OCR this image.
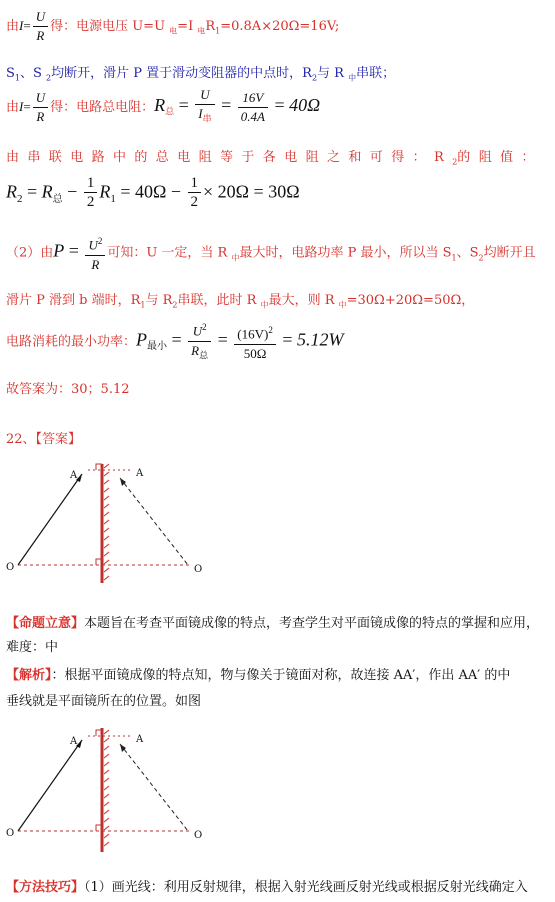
由$I= \frac{U}{R}$ 得：电源电压 U=U $_电$=I $_电R_1=0.8A\times 20\Omega=16V$;
$S_1$、S $_2$均断开，滑片 P 置于滑动变阻器的中点时，$R_2$与 R $_中$串联；
由$I= \frac{U}{R}$ 得：电路总电阻：$R_总 = \frac{U}{I_串} = \frac{16V}{0.4A} = 40\Omega$
由串联电路中的总电阻等于各电阻之和可得：$R_2$的阻值：
$R_2 = R_总 - \frac{1}{2} R_1 = 40\Omega - \frac{1}{2} \times 20\Omega = 30\Omega$
（2）由$P = \frac{U^2}{R}$ 可知：U 一定，当 R $_中$最大时，电路功率 P 最小，所以当 $S_1$、$S_2$均断开且
滑片 P 滑到 b 端时，$R_1$与 $R_2$串联，此时 R $_中$最大，则 R $_中$=30Ω+20Ω=50Ω，
电路消耗的最小功率：$P_{最小} = \frac{U^2}{R_总} = \frac{(16V)^2}{50\Omega} = 5.12W$
故答案为：30；5.12
22、【答案】
A	A
O	O
【命题立意】本题旨在考查平面镜成像的特点，考查学生对平面镜成像的特点的掌握和应用，
难度：中
【解析】：根据平面镜成像的特点知，物与像关于镜面对称，故连接 AA′，作出 AA′ 的中
垂线就是平面镜所在的位置。如图
A	A
O	O
【方法技巧】（1）画光线：利用反射规律，根据入射光线画反射光线或根据反射光线确定入
